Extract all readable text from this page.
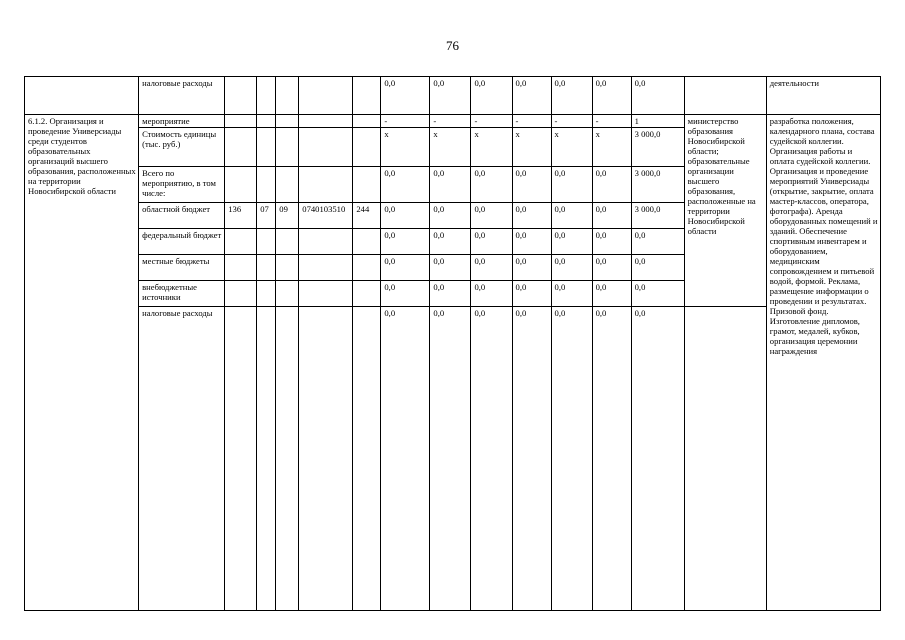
76
	налоговые расходы						0,0	0,0	0,0	0,0	0,0	0,0	0,0		деятельности
6.1.2. Организация и проведение Универсиады среди студентов образовательных организаций высшего образования, расположенных на территории Новосибирской области	мероприятие						-	-	-	-	-	-	1	министерство образования Новосибирской области; образовательные организации высшего образования, расположенные на территории Новосибирской области	разработка положения, календарного плана, состава судейской коллегии. Организация работы и оплата судейской коллегии. Организация и проведение мероприятий Универсиады (открытие, закрытие, оплата мастер-классов, оператора, фотографа). Аренда оборудованных помещений и зданий. Обеспечение спортивным инвентарем и оборудованием, медицинским сопровождением и питьевой водой, формой. Реклама, размещение информации о проведении и результатах. Призовой фонд. Изготовление дипломов, грамот, медалей, кубков, организация церемонии награждения
	Стоимость единицы (тыс. руб.)						х	х	х	х	х	х	3 000,0		
	Всего по мероприятию, в том числе:						0,0	0,0	0,0	0,0	0,0	0,0	3 000,0		
	областной бюджет	136	07	09	0740103510	244	0,0	0,0	0,0	0,0	0,0	0,0	3 000,0		
	федеральный бюджет						0,0	0,0	0,0	0,0	0,0	0,0	0,0		
	местные бюджеты						0,0	0,0	0,0	0,0	0,0	0,0	0,0		
	внебюджетные источники						0,0	0,0	0,0	0,0	0,0	0,0	0,0		
	налоговые расходы						0,0	0,0	0,0	0,0	0,0	0,0	0,0		
